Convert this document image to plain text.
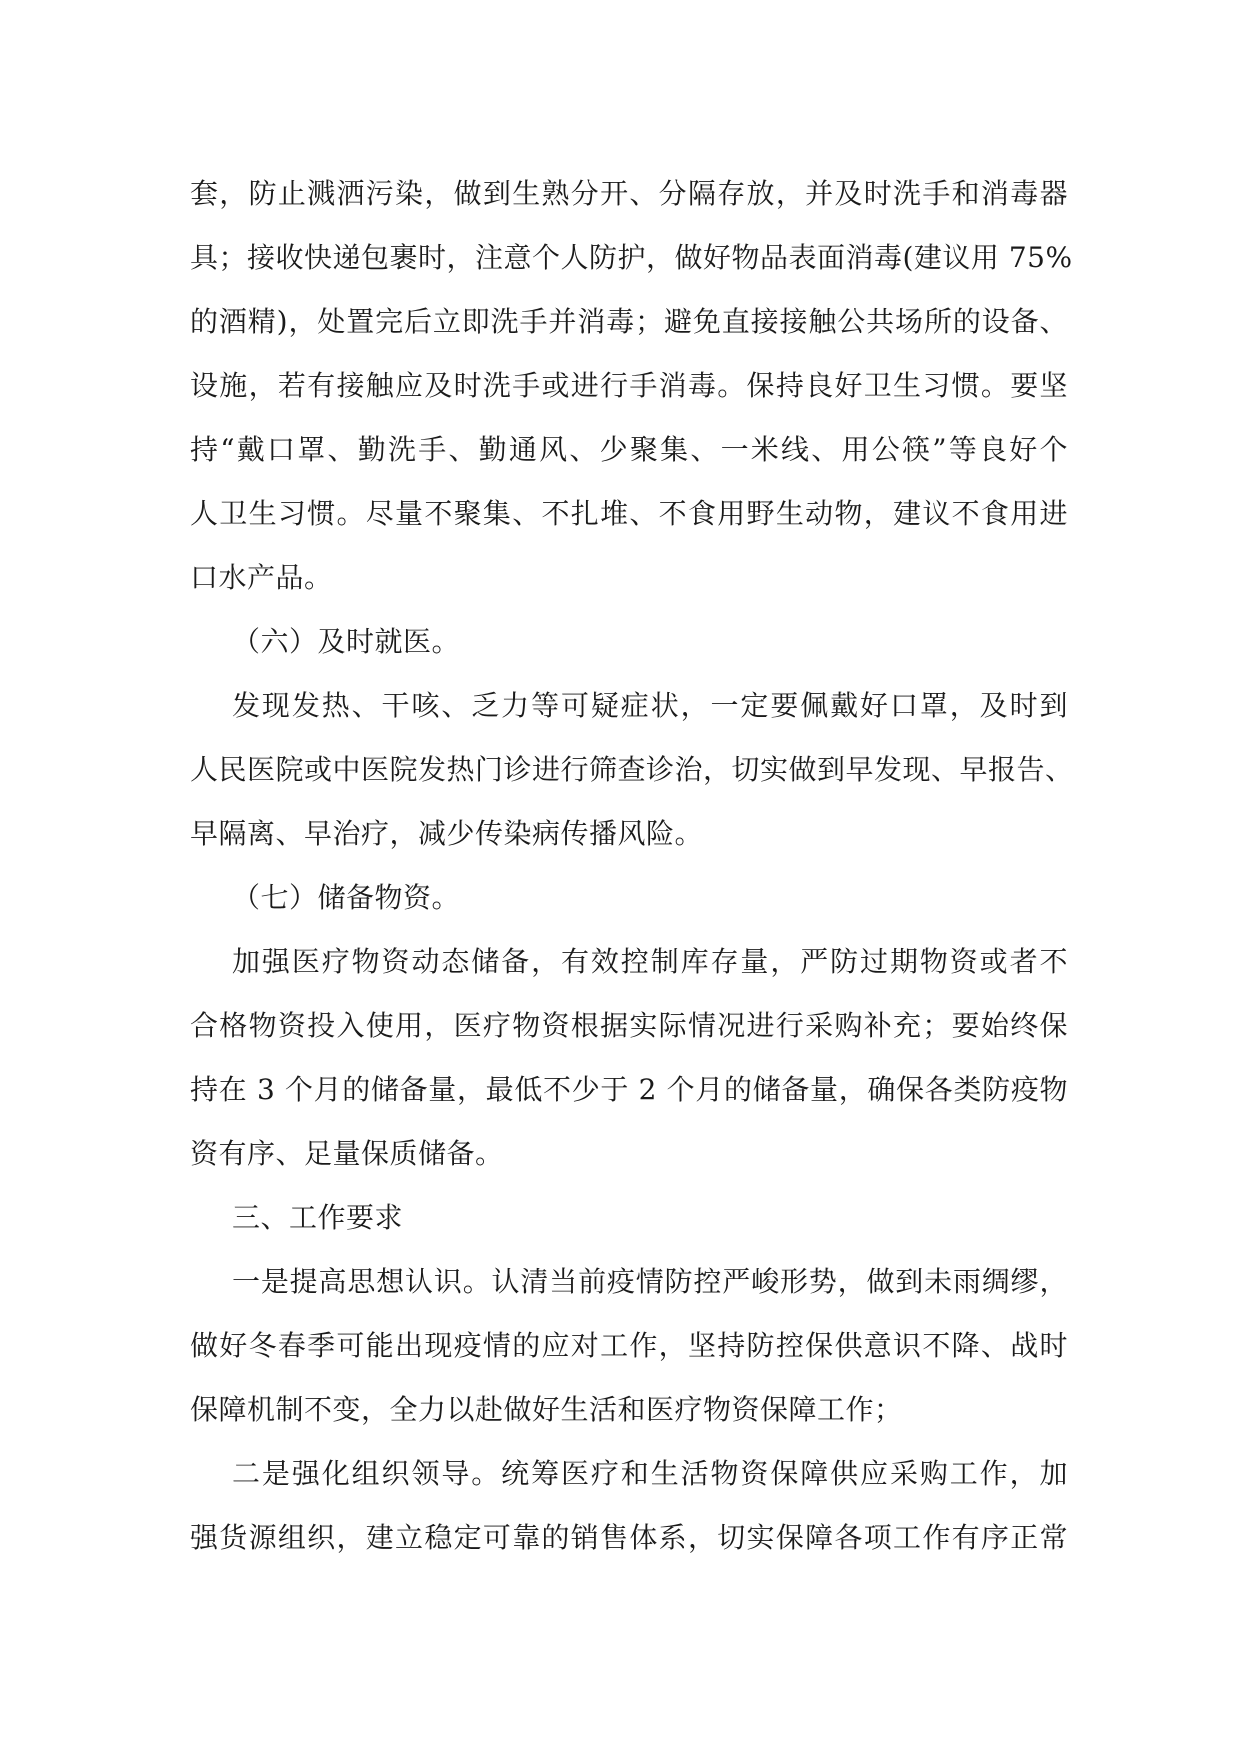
套，防止溅洒污染，做到生熟分开、分隔存放，并及时洗手和消毒器
具；接收快递包裹时，注意个人防护，做好物品表面消毒(建议用 75%
的酒精)，处置完后立即洗手并消毒；避免直接接触公共场所的设备、
设施，若有接触应及时洗手或进行手消毒。保持良好卫生习惯。要坚
持“戴口罩、勤洗手、勤通风、少聚集、一米线、用公筷”等良好个
人卫生习惯。尽量不聚集、不扎堆、不食用野生动物，建议不食用进
口水产品。
（六）及时就医。
发现发热、干咳、乏力等可疑症状，一定要佩戴好口罩，及时到
人民医院或中医院发热门诊进行筛查诊治，切实做到早发现、早报告、
早隔离、早治疗，减少传染病传播风险。
（七）储备物资。
加强医疗物资动态储备，有效控制库存量，严防过期物资或者不
合格物资投入使用，医疗物资根据实际情况进行采购补充；要始终保
持在 3 个月的储备量，最低不少于 2 个月的储备量，确保各类防疫物
资有序、足量保质储备。
三、工作要求
一是提高思想认识。认清当前疫情防控严峻形势，做到未雨绸缪，
做好冬春季可能出现疫情的应对工作，坚持防控保供意识不降、战时
保障机制不变，全力以赴做好生活和医疗物资保障工作；
二是强化组织领导。统筹医疗和生活物资保障供应采购工作，加
强货源组织，建立稳定可靠的销售体系，切实保障各项工作有序正常
